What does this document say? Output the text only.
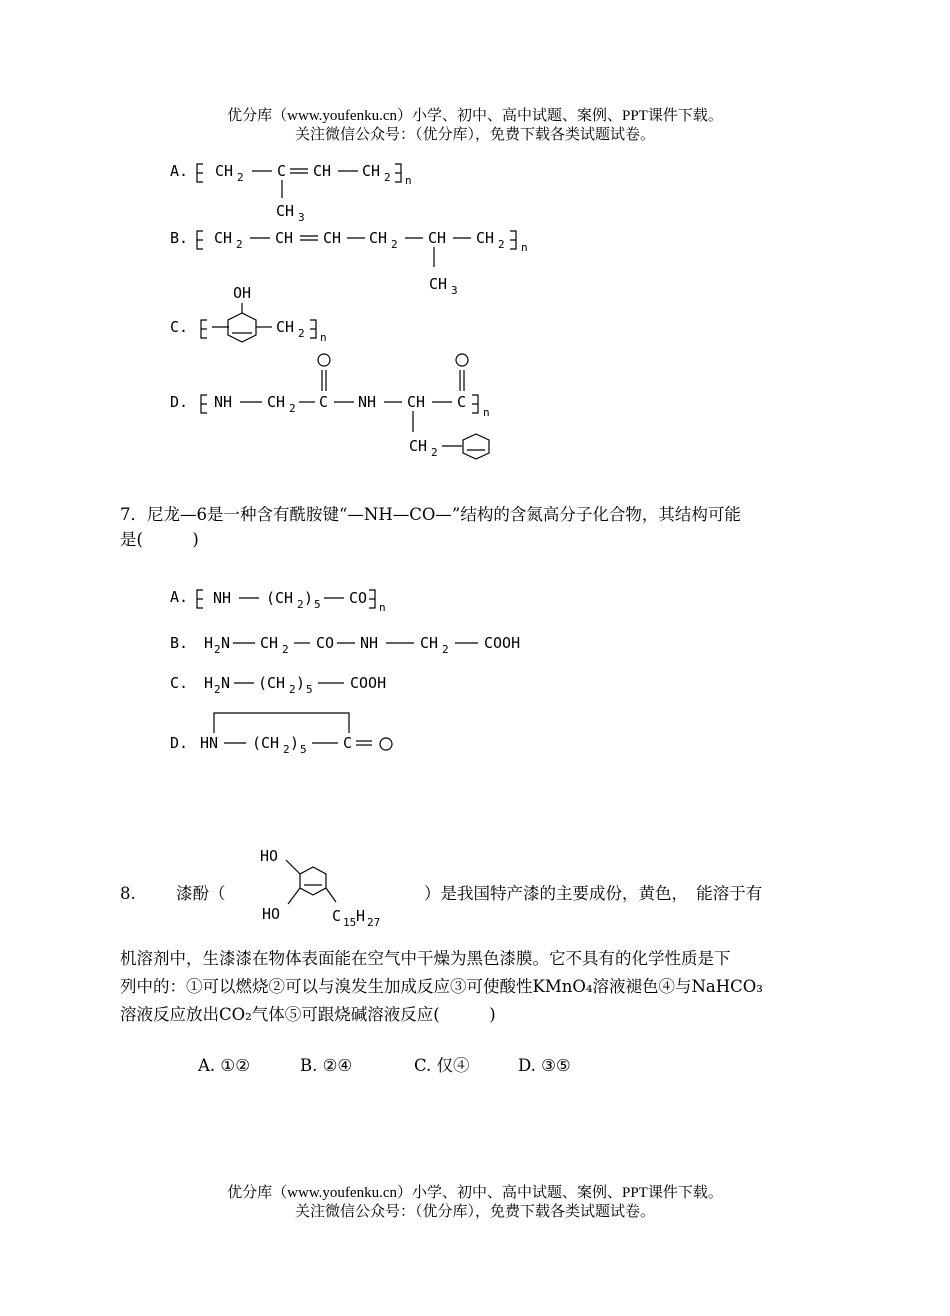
优分库（www.youfenku.cn）小学、初中、高中试题、案例、PPT课件下载。
关注微信公众号：（优分库），免费下载各类试题试卷。
A. CH 2 C CH CH 2 n
CH 3
B. CH 2 CH CH CH 2 CH CH 2 n
CH 3
C.
OH
CH 2 n
D. NH CH 2 C NH CH C
n
CH 2
7．尼龙—6是一种含有酰胺键“—NH—CO—”结构的含氮高分子化合物，其结构可能
是(　　　)
A. NH (CH 2 ) 5 CO
n
B. H 2 N CH 2 CO NH	CH 2 COOH
C. H 2 N (CH 2 ) 5 COOH
D. HN (CH 2 ) 5 C
8. 漆酚（
HO
HO	C 15 H 27
）是我国特产漆的主要成份，黄色，　能溶于有
机溶剂中，生漆漆在物体表面能在空气中干燥为黑色漆膜。它不具有的化学性质是下
列中的：①可以燃烧②可以与溴发生加成反应③可使酸性KMnO₄溶液褪色④与NaHCO₃
溶液反应放出CO₂气体⑤可跟烧碱溶液反应(　　　)
A. ①②	B. ②④	C. 仅④	D. ③⑤
优分库（www.youfenku.cn）小学、初中、高中试题、案例、PPT课件下载。
关注微信公众号：（优分库），免费下载各类试题试卷。
